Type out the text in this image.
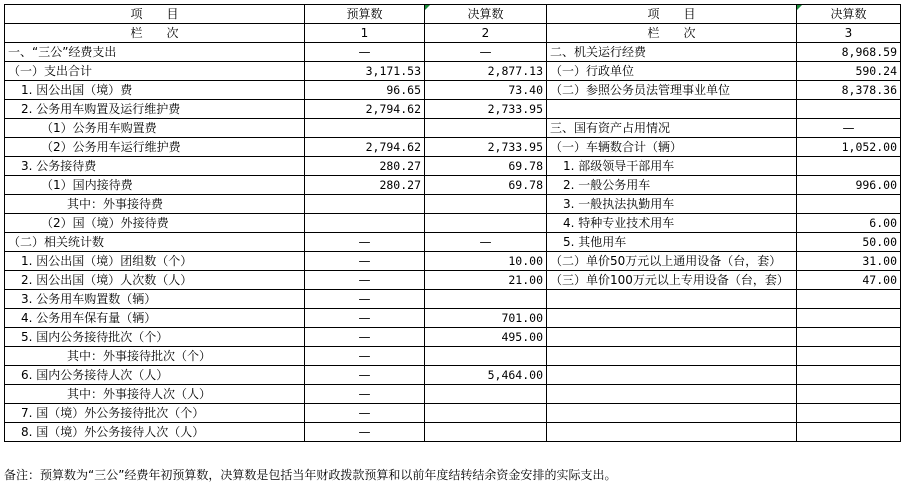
项　　目	预算数	决算数	项　　目	决算数
栏　　次	1	2	栏　　次	3
一、“三公”经费支出	—	—	二、机关运行经费	8,968.59
（一）支出合计	3,171.53	2,877.13	（一）行政单位	590.24
1. 因公出国（境）费	96.65	73.40	（二）参照公务员法管理事业单位	8,378.36
2. 公务用车购置及运行维护费	2,794.62	2,733.95		
（1）公务用车购置费			三、国有资产占用情况	—
（2）公务用车运行维护费	2,794.62	2,733.95	（一）车辆数合计（辆）	1,052.00
3. 公务接待费	280.27	69.78	1. 部级领导干部用车	
（1）国内接待费	280.27	69.78	2. 一般公务用车	996.00
其中：外事接待费			3. 一般执法执勤用车	
（2）国（境）外接待费			4. 特种专业技术用车	6.00
（二）相关统计数	—	—	5. 其他用车	50.00
1. 因公出国（境）团组数（个）	—	10.00	（二）单价50万元以上通用设备（台，套）	31.00
2. 因公出国（境）人次数（人）	—	21.00	（三）单价100万元以上专用设备（台，套）	47.00
3. 公务用车购置数（辆）	—			
4. 公务用车保有量（辆）	—	701.00		
5. 国内公务接待批次（个）	—	495.00		
其中：外事接待批次（个）	—			
6. 国内公务接待人次（人）	—	5,464.00		
其中：外事接待人次（人）	—			
7. 国（境）外公务接待批次（个）	—			
8. 国（境）外公务接待人次（人）	—			
备注：预算数为“三公”经费年初预算数，决算数是包括当年财政拨款预算和以前年度结转结余资金安排的实际支出。
